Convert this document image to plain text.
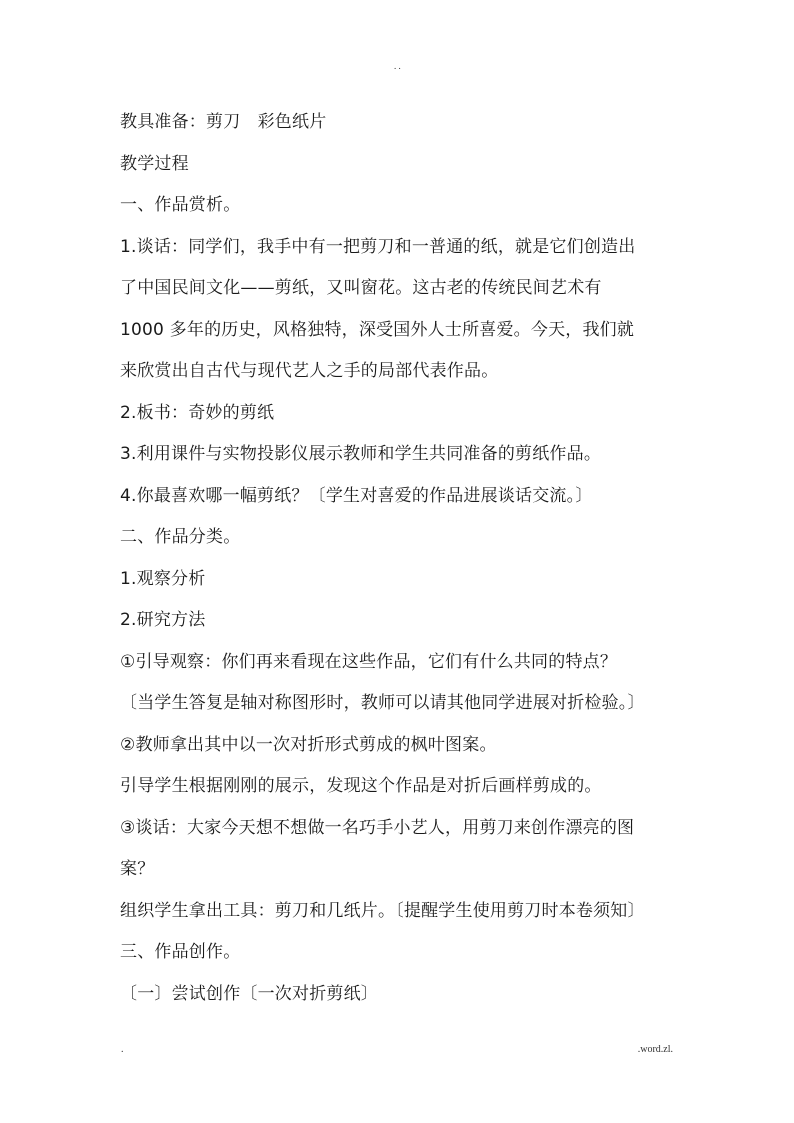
. .
教具准备：剪刀　彩色纸片
教学过程
一、作品赏析。
1.谈话：同学们，我手中有一把剪刀和一普通的纸，就是它们创造出
了中国民间文化——剪纸，又叫窗花。这古老的传统民间艺术有
1000 多年的历史，风格独特，深受国外人士所喜爱。今天，我们就
来欣赏出自古代与现代艺人之手的局部代表作品。
2.板书：奇妙的剪纸
3.利用课件与实物投影仪展示教师和学生共同准备的剪纸作品。
4.你最喜欢哪一幅剪纸？〔学生对喜爱的作品进展谈话交流。〕
二、作品分类。
1.观察分析
2.研究方法
①引导观察：你们再来看现在这些作品，它们有什么共同的特点？
〔当学生答复是轴对称图形时，教师可以请其他同学进展对折检验。〕
②教师拿出其中以一次对折形式剪成的枫叶图案。
引导学生根据刚刚的展示，发现这个作品是对折后画样剪成的。
③谈话：大家今天想不想做一名巧手小艺人，用剪刀来创作漂亮的图
案？
组织学生拿出工具：剪刀和几纸片。〔提醒学生使用剪刀时本卷须知〕
三、作品创作。
〔一〕尝试创作〔一次对折剪纸〕
.	.word.zl.
